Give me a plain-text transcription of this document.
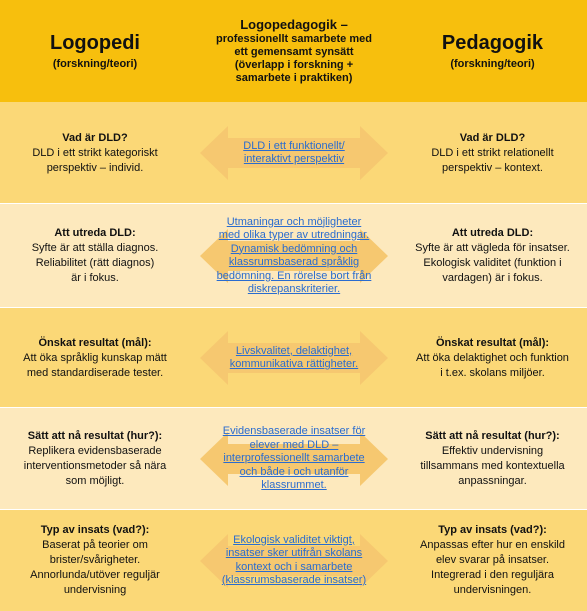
Logopedi
(forskning/teori)
Logopedagogik –
professionellt samarbete med
ett gemensamt synsätt
(överlapp i forskning +
samarbete i praktiken)
Pedagogik
(forskning/teori)
Vad är DLD?
DLD i ett strikt kategoriskt
perspektiv – individ.
DLD i ett funktionellt/
interaktivt perspektiv
Vad är DLD?
DLD i ett strikt relationellt
perspektiv – kontext.
Att utreda DLD:
Syfte är att ställa diagnos.
Reliabilitet (rätt diagnos)
är i fokus.
Utmaningar och möjligheter
med olika typer av utredningar.
Dynamisk bedömning och
klassrumsbaserad språklig
bedömning. En rörelse bort från
diskrepanskriterier.
Att utreda DLD:
Syfte är att vägleda för insatser.
Ekologisk validitet (funktion i
vardagen) är i fokus.
Önskat resultat (mål):
Att öka språklig kunskap mätt
med standardiserade tester.
Livskvalitet, delaktighet,
kommunikativa rättigheter.
Önskat resultat (mål):
Att öka delaktighet och funktion
i t.ex. skolans miljöer.
Sätt att nå resultat (hur?):
Replikera evidensbaserade
interventionsmetoder så nära
som möjligt.
Evidensbaserade insatser för
elever med DLD –
interprofessionellt samarbete
och både i och utanför
klassrummet.
Sätt att nå resultat (hur?):
Effektiv undervisning
tillsammans med kontextuella
anpassningar.
Typ av insats (vad?):
Baserat på teorier om
brister/svårigheter.
Annorlunda/utöver reguljär
undervisning
Ekologisk validitet viktigt,
insatser sker utifrån skolans
kontext och i samarbete
(klassrumsbaserade insatser)
Typ av insats (vad?):
Anpassas efter hur en enskild
elev svarar på insatser.
Integrerad i den reguljära
undervisningen.
